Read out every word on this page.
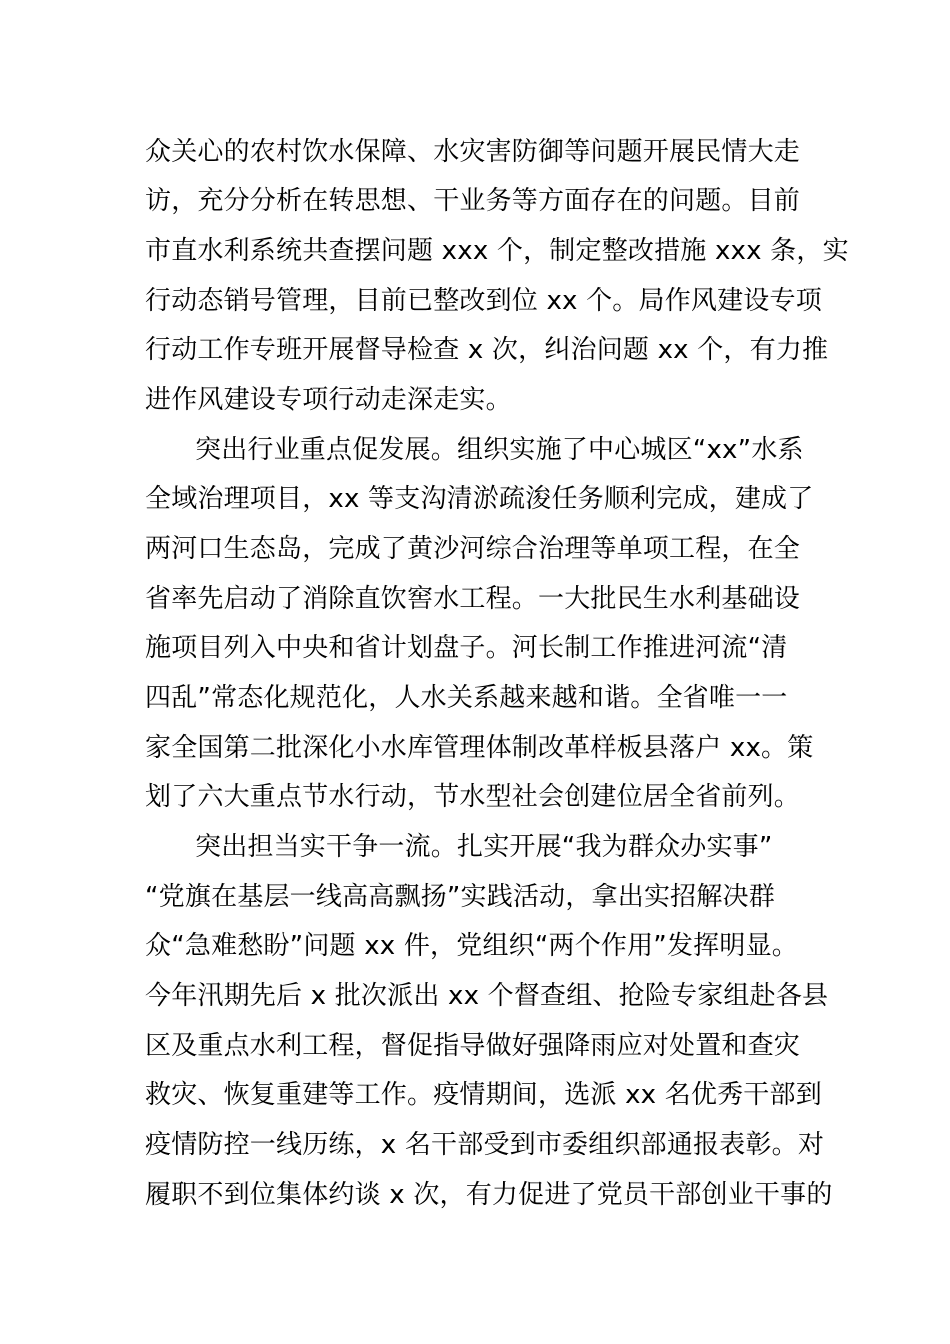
众关心的农村饮水保障、水灾害防御等问题开展民情大走

访，充分分析在转思想、干业务等方面存在的问题。目前

市直水利系统共查摆问题 xxx 个，制定整改措施 xxx 条，实

行动态销号管理，目前已整改到位 xx 个。局作风建设专项

行动工作专班开展督导检查 x 次，纠治问题 xx 个，有力推

进作风建设专项行动走深走实。

突出行业重点促发展。组织实施了中心城区“xx”水系

全域治理项目，xx 等支沟清淤疏浚任务顺利完成，建成了

两河口生态岛，完成了黄沙河综合治理等单项工程，在全

省率先启动了消除直饮窖水工程。一大批民生水利基础设

施项目列入中央和省计划盘子。河长制工作推进河流“清

四乱”常态化规范化，人水关系越来越和谐。全省唯一一

家全国第二批深化小水库管理体制改革样板县落户 xx。策

划了六大重点节水行动，节水型社会创建位居全省前列。

突出担当实干争一流。扎实开展“我为群众办实事”

“党旗在基层一线高高飘扬”实践活动，拿出实招解决群

众“急难愁盼”问题 xx 件，党组织“两个作用”发挥明显。

今年汛期先后 x 批次派出 xx 个督查组、抢险专家组赴各县

区及重点水利工程，督促指导做好强降雨应对处置和查灾

救灾、恢复重建等工作。疫情期间，选派 xx 名优秀干部到

疫情防控一线历练，x 名干部受到市委组织部通报表彰。对

履职不到位集体约谈 x 次，有力促进了党员干部创业干事的
